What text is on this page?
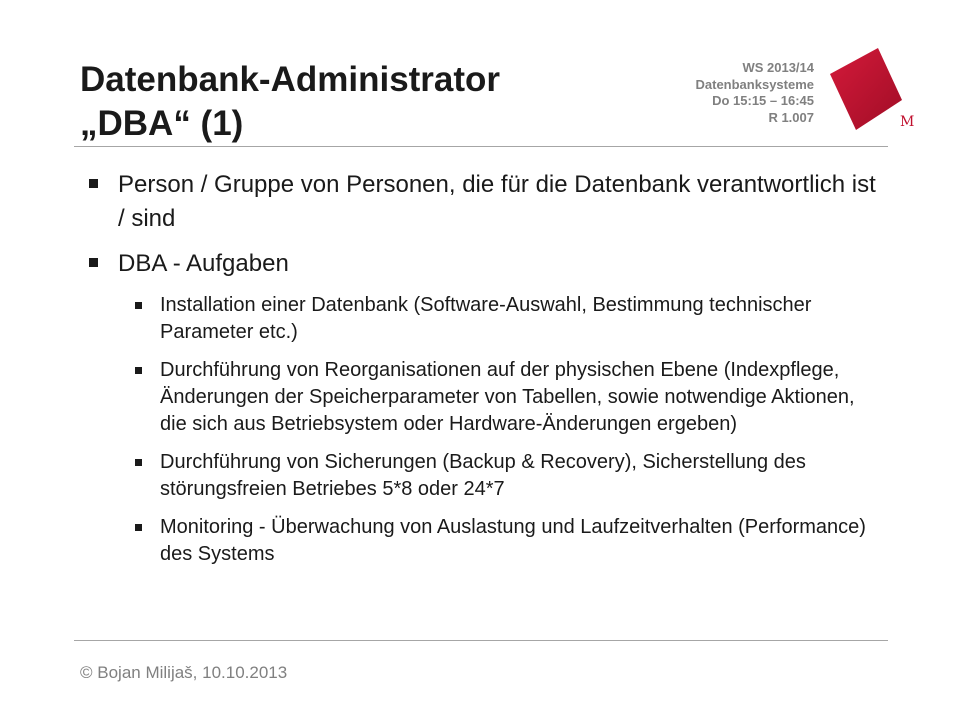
Datenbank-Administrator
„DBA“ (1)
WS 2013/14
Datenbanksysteme
Do 15:15 – 16:45
R 1.007	M
Person / Gruppe von Personen, die für die Datenbank verantwortlich ist / sind
DBA - Aufgaben
Installation einer Datenbank (Software-Auswahl, Bestimmung technischer Parameter etc.)
Durchführung von Reorganisationen auf der physischen Ebene (Indexpflege, Änderungen der Speicherparameter von Tabellen, sowie notwendige Aktionen, die sich aus Betriebsystem oder Hardware-Änderungen ergeben)
Durchführung von Sicherungen (Backup & Recovery), Sicherstellung des störungsfreien Betriebes 5*8 oder 24*7
Monitoring - Überwachung von Auslastung und Laufzeitverhalten (Performance) des Systems
© Bojan Milijaš, 10.10.2013
